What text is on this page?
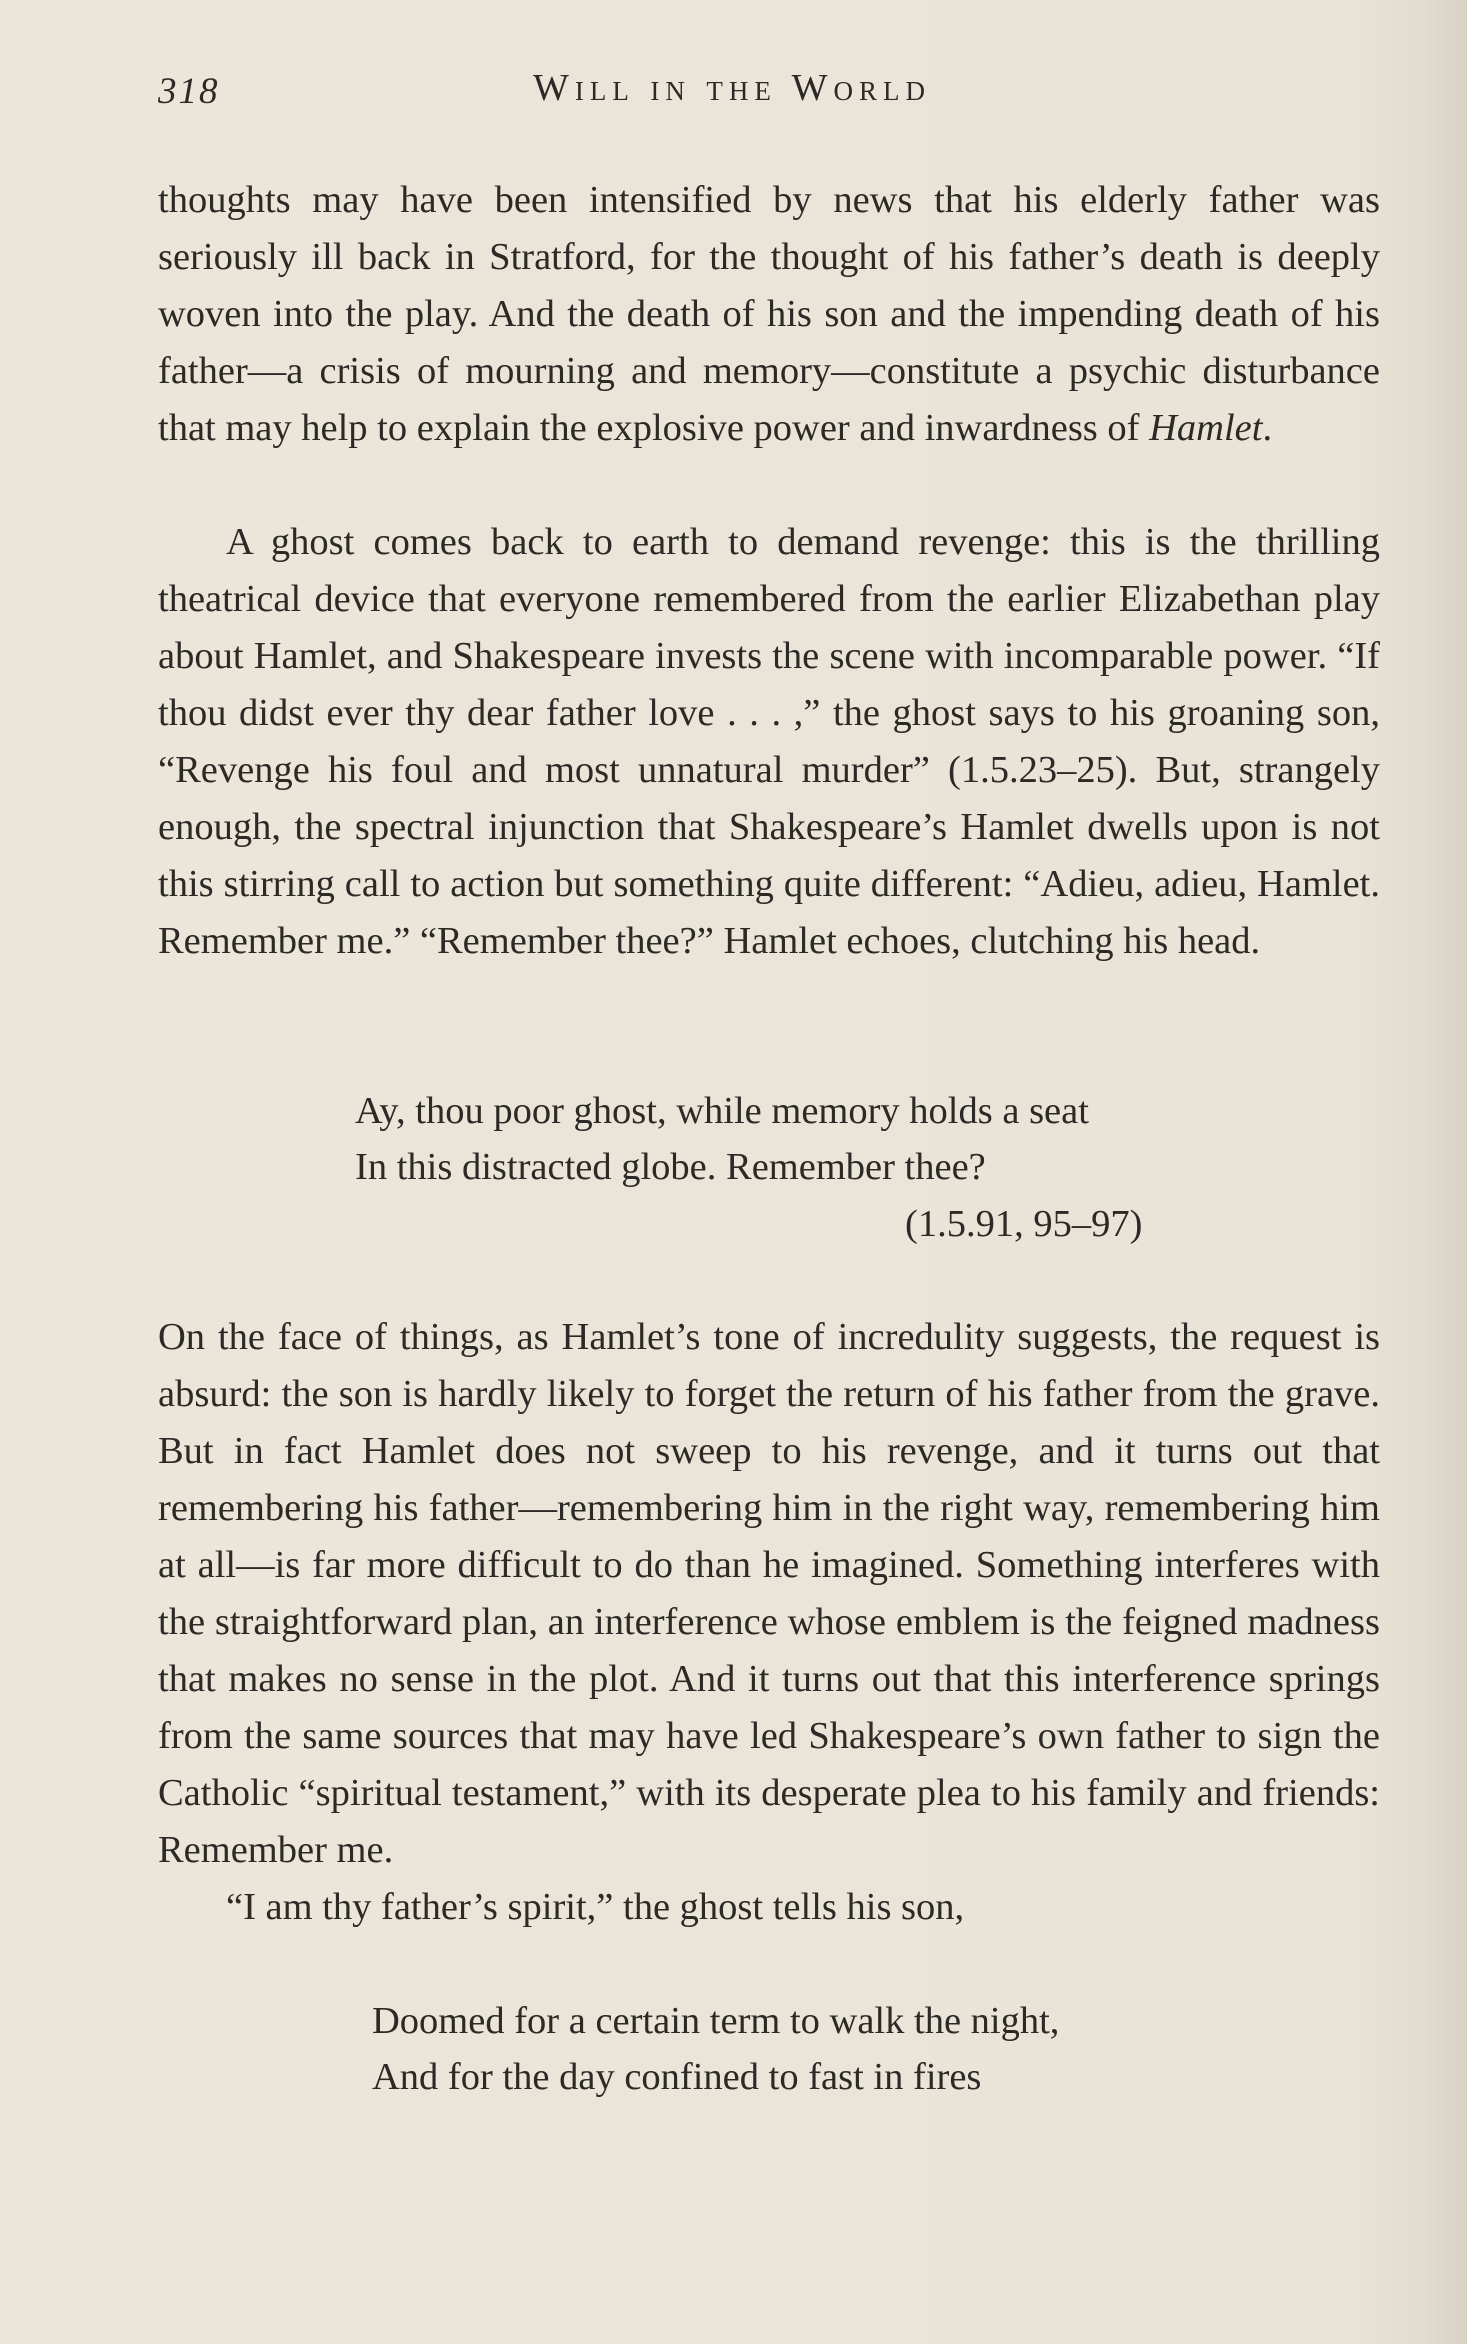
318	Will in the World

thoughts may have been intensified by news that his elderly father was seriously ill back in Stratford, for the thought of his father’s death is deeply woven into the play. And the death of his son and the impending death of his father—a crisis of mourning and memory—constitute a psychic disturbance that may help to explain the explosive power and inwardness of Hamlet.

A ghost comes back to earth to demand revenge: this is the thrilling theatrical device that everyone remembered from the earlier Elizabethan play about Hamlet, and Shakespeare invests the scene with incomparable power. “If thou didst ever thy dear father love . . . ,” the ghost says to his groaning son, “Revenge his foul and most unnatural murder” (1.5.23–25). But, strangely enough, the spectral injunction that Shakespeare’s Hamlet dwells upon is not this stirring call to action but something quite different: “Adieu, adieu, Hamlet. Remember me.” “Remember thee?” Hamlet echoes, clutching his head.

Ay, thou poor ghost, while memory holds a seat
In this distracted globe. Remember thee?
(1.5.91, 95–97)

On the face of things, as Hamlet’s tone of incredulity suggests, the request is absurd: the son is hardly likely to forget the return of his father from the grave. But in fact Hamlet does not sweep to his revenge, and it turns out that remembering his father—remembering him in the right way, remembering him at all—is far more difficult to do than he imagined. Something interferes with the straightforward plan, an interference whose emblem is the feigned madness that makes no sense in the plot. And it turns out that this interference springs from the same sources that may have led Shakespeare’s own father to sign the Catholic “spiritual testament,” with its desperate plea to his family and friends: Remember me.

“I am thy father’s spirit,” the ghost tells his son,

Doomed for a certain term to walk the night,
And for the day confined to fast in fires
